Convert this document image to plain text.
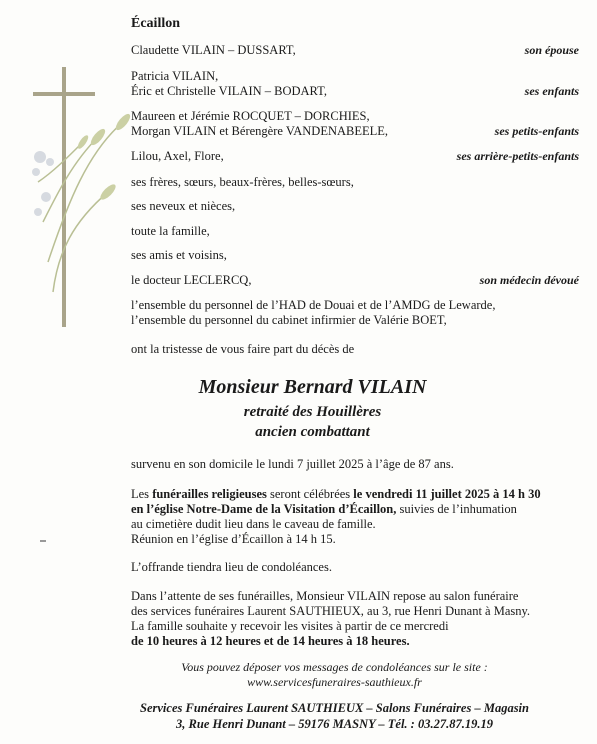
Écaillon
Claudette VILAIN – DUSSART,	son épouse
Patricia VILAIN,
Éric et Christelle VILAIN – BODART,	ses enfants
Maureen et Jérémie ROCQUET – DORCHIES,
Morgan VILAIN et Bérengère VANDENABEELE,	ses petits-enfants
Lilou, Axel, Flore,	ses arrière-petits-enfants
ses frères, sœurs, beaux-frères, belles-sœurs,
ses neveux et nièces,
toute la famille,
ses amis et voisins,
le docteur LECLERCQ,	son médecin dévoué
l’ensemble du personnel de l’HAD de Douai et de l’AMDG de Lewarde,
l’ensemble du personnel du cabinet infirmier de Valérie BOET,
ont la tristesse de vous faire part du décès de
Monsieur Bernard VILAIN
retraité des Houillères
ancien combattant
survenu en son domicile le lundi 7 juillet 2025 à l’âge de 87 ans.
Les funérailles religieuses seront célébrées le vendredi 11 juillet 2025 à 14 h 30
en l’église Notre-Dame de la Visitation d’Écaillon, suivies de l’inhumation
au cimetière dudit lieu dans le caveau de famille.
Réunion en l’église d’Écaillon à 14 h 15.
L’offrande tiendra lieu de condoléances.
Dans l’attente de ses funérailles, Monsieur VILAIN repose au salon funéraire
des services funéraires Laurent SAUTHIEUX, au 3, rue Henri Dunant à Masny.
La famille souhaite y recevoir les visites à partir de ce mercredi
de 10 heures à 12 heures et de 14 heures à 18 heures.
Vous pouvez déposer vos messages de condoléances sur le site :
www.servicesfuneraires-sauthieux.fr
Services Funéraires Laurent SAUTHIEUX – Salons Funéraires – Magasin
3, Rue Henri Dunant – 59176 MASNY – Tél. : 03.27.87.19.19
